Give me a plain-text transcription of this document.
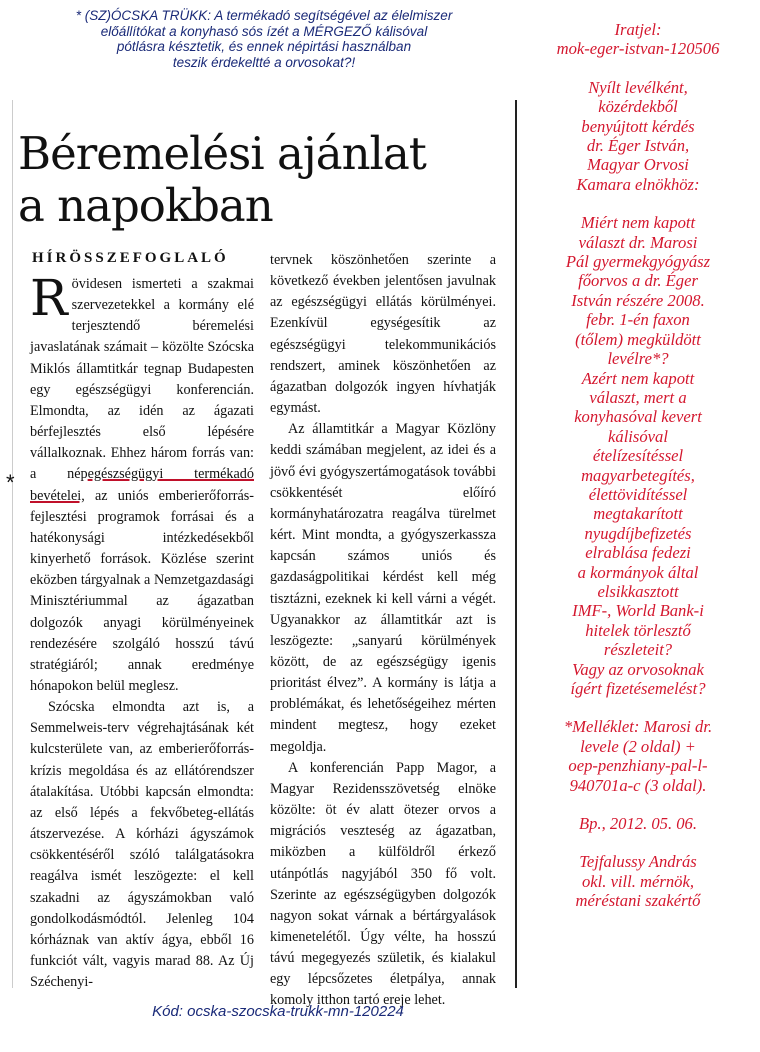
* (SZ)ÓCSKA TRÜKK: A termékadó segítségével az élelmiszer
előállítókat a konyhasó sós ízét a MÉRGEZŐ kálisóval
pótlásra késztetik, és ennek népirtási használban
teszik érdekeltté a orvosokat?!
Béremelési ajánlat
a napokban
HÍRÖSSZEFOGLALÓ

R övidesen ismerteti a szakmai szervezetekkel a kormány elé terjesztendő béremelési javaslatának számait – közölte Szócska Miklós államtitkár tegnap Budapesten egy egészségügyi konferencián. Elmondta, az idén az ágazati bérfejlesztés első lépésére vállalkoznak. Ehhez három forrás van: a népegészségügyi termékadó bevételei, az uniós emberierőforrás-fejlesztési programok forrásai és a hatékonysági intézkedésekből kinyerhető források. Közlése szerint eközben tárgyalnak a Nemzetgazdasági Minisztériummal az ágazatban dolgozók anyagi körülményeinek rendezésére szolgáló hosszú távú stratégiáról; annak eredménye hónapokon belül meglesz.

Szócska elmondta azt is, a Semmelweis-terv végrehajtásának két kulcsterülete van, az emberierőforrás-krízis megoldása és az ellátórendszer átalakítása. Utóbbi kapcsán elmondta: az első lépés a fekvőbeteg-ellátás átszervezése. A kórházi ágyszámok csökkentéséről szóló találgatásokra reagálva ismét leszögezte: el kell szakadni az ágyszámokban való gondolkodásmódtól. Jelenleg 104 kórháznak van aktív ágya, ebből 16 funkciót vált, vagyis marad 88. Az Új Széchenyi-

tervnek köszönhetően szerinte a következő években jelentősen javulnak az egészségügyi ellátás körülményei. Ezenkívül egységesítik az egészségügyi telekommunikációs rendszert, aminek köszönhetően az ágazatban dolgozók ingyen hívhatják egymást.

Az államtitkár a Magyar Közlöny keddi számában megjelent, az idei és a jövő évi gyógyszertámogatások további csökkentését előíró kormányhatározatra reagálva türelmet kért. Mint mondta, a gyógyszerkassza kapcsán számos uniós és gazdaságpolitikai kérdést kell még tisztázni, ezeknek ki kell várni a végét. Ugyanakkor az államtitkár azt is leszögezte: „sanyarú körülmények között, de az egészségügy igenis prioritást élvez”. A kormány is látja a problémákat, és lehetőségeihez mérten mindent megtesz, hogy ezeket megoldja.

A konferencián Papp Magor, a Magyar Rezidensszövetség elnöke közölte: öt év alatt ötezer orvos a migrációs veszteség az ágazatban, miközben a külföldről érkező utánpótlás nagyjából 350 fő volt. Szerinte az egészségügyben dolgozók nagyon sokat várnak a bértárgyalások kimenetelétől. Úgy vélte, ha hosszú távú megegyezés születik, és kialakul egy lépcsőzetes életpálya, annak komoly itthon tartó ereje lehet.

*
Kód: ocska-szocska-trukk-mn-120224

Iratjel:
mok-eger-istvan-120506

Nyílt levélként,
közérdekből
benyújtott kérdés
dr. Éger István,
Magyar Orvosi
Kamara elnökhöz:

Miért nem kapott
választ dr. Marosi
Pál gyermekgyógyász
főorvos a dr. Éger
István részére 2008.
febr. 1-én faxon
(tőlem) megküldött
levélre*?
Azért nem kapott
választ, mert a
konyhasóval kevert
kálisóval
ételízesítéssel
magyarbetegítés,
élettövidítéssel
megtakarított
nyugdíjbefizetés
elrablása fedezi
a kormányok által
elsikkasztott
IMF-, World Bank-i
hitelek törlesztő
részleteit?
Vagy az orvosoknak
ígért fizetésemelést?

*Melléklet: Marosi dr.
levele (2 oldal) +
oep-penzhiany-pal-l-
940701a-c (3 oldal).

Bp., 2012. 05. 06.

Tejfalussy András
okl. vill. mérnök,
méréstani szakértő
